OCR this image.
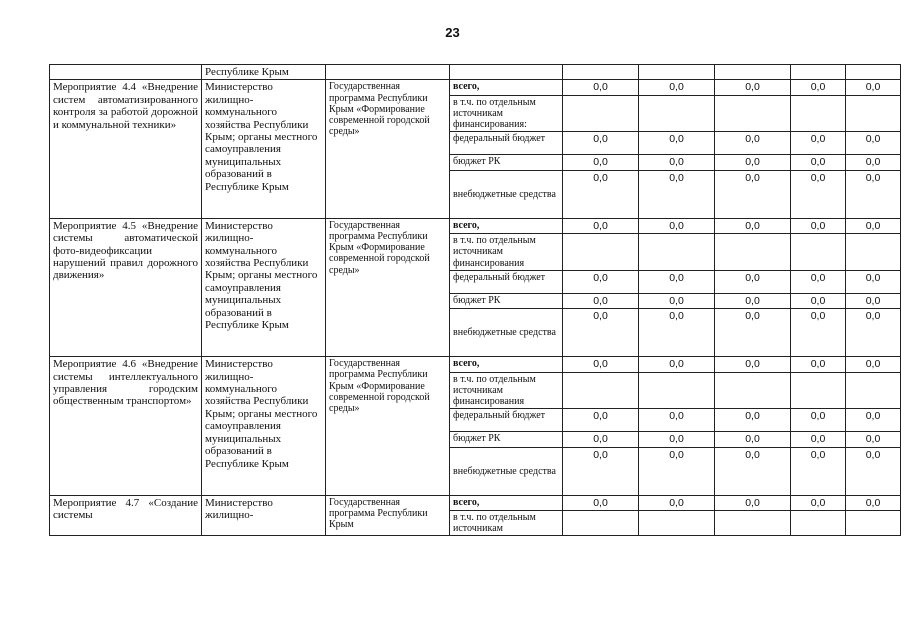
23
	Республике Крым							
Мероприятие 4.4 «Внедрение систем автоматизированного контроля за работой дорожной и коммунальной техники»	Министерство жилищно-коммунального хозяйства Республики Крым; органы местного самоуправления муниципальных образований в Республике Крым	Государственная программа Республики Крым «Формирование современной городской среды»	всего,	0,0	0,0	0,0	0,0	0,0
			в т.ч. по отдельным источникам финансирования:					
			федеральный бюджет	0,0	0,0	0,0	0,0	0,0
			бюджет РК	0,0	0,0	0,0	0,0	0,0
			внебюджетные средства	0,0	0,0	0,0	0,0	0,0
Мероприятие 4.5 «Внедрение системы автоматической фото-видеофиксации нарушений правил дорожного движения»	Министерство жилищно-коммунального хозяйства Республики Крым; органы местного самоуправления муниципальных образований в Республике Крым	Государственная программа Республики Крым «Формирование современной городской среды»	всего,	0,0	0,0	0,0	0,0	0,0
			в т.ч. по отдельным источникам финансирования					
			федеральный бюджет	0,0	0,0	0,0	0,0	0,0
			бюджет РК	0,0	0,0	0,0	0,0	0,0
			внебюджетные средства	0,0	0,0	0,0	0,0	0,0
Мероприятие 4.6 «Внедрение системы интеллектуального управления городским общественным транспортом»	Министерство жилищно-коммунального хозяйства Республики Крым; органы местного самоуправления муниципальных образований в Республике Крым	Государственная программа Республики Крым «Формирование современной городской среды»	всего,	0,0	0,0	0,0	0,0	0,0
			в т.ч. по отдельным источникам финансирования					
			федеральный бюджет	0,0	0,0	0,0	0,0	0,0
			бюджет РК	0,0	0,0	0,0	0,0	0,0
			внебюджетные средства	0,0	0,0	0,0	0,0	0,0
Мероприятие 4.7 «Создание системы	Министерство жилищно-	Государственная программа Республики Крым	всего,	0,0	0,0	0,0	0,0	0,0
			в т.ч. по отдельным источникам					
